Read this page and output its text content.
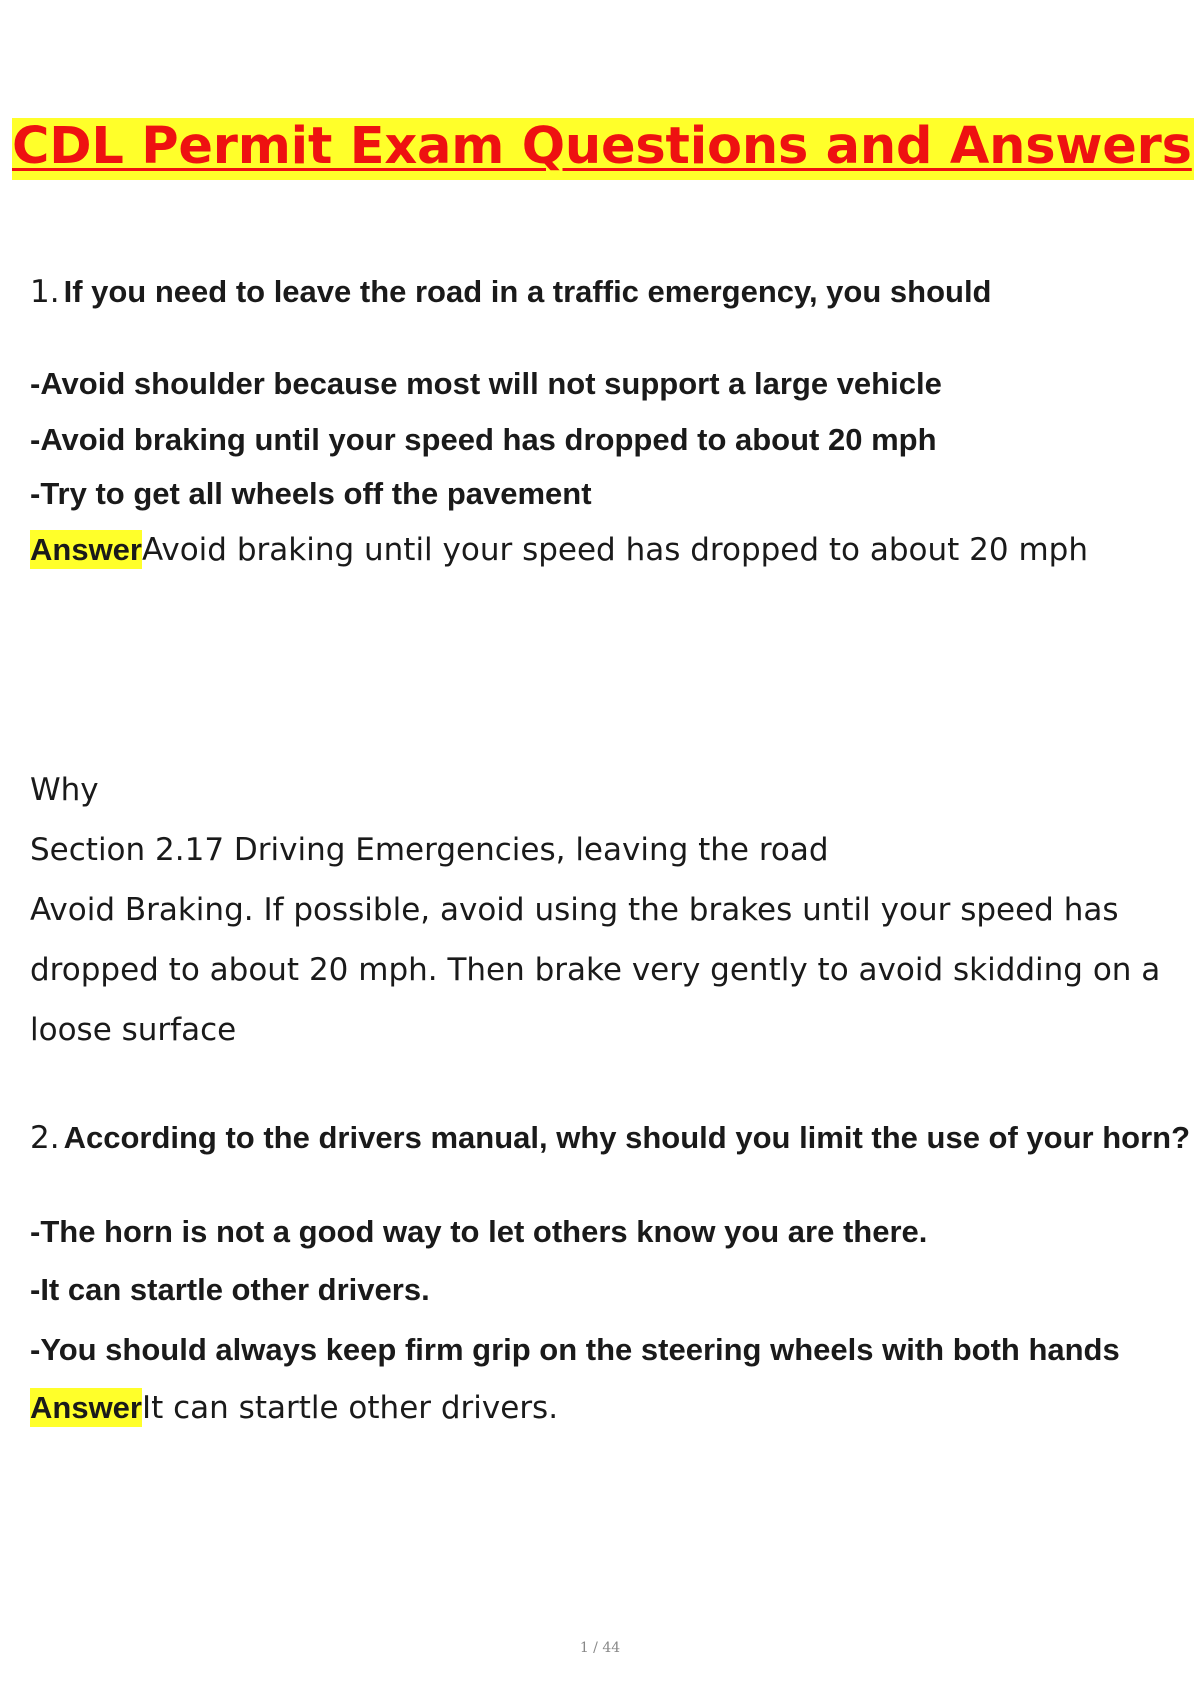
CDL Permit Exam Questions and Answers
1. If you need to leave the road in a traffic emergency, you should
-Avoid shoulder because most will not support a large vehicle
-Avoid braking until your speed has dropped to about 20 mph
-Try to get all wheels off the pavement
AnswerAvoid braking until your speed has dropped to about 20 mph
Why
Section 2.17 Driving Emergencies, leaving the road
Avoid Braking. If possible, avoid using the brakes until your speed has dropped to about 20 mph. Then brake very gently to avoid skidding on a loose surface
2. According to the drivers manual, why should you limit the use of your horn?
-The horn is not a good way to let others know you are there.
-It can startle other drivers.
-You should always keep firm grip on the steering wheels with both hands
AnswerIt can startle other drivers.
1 / 44
